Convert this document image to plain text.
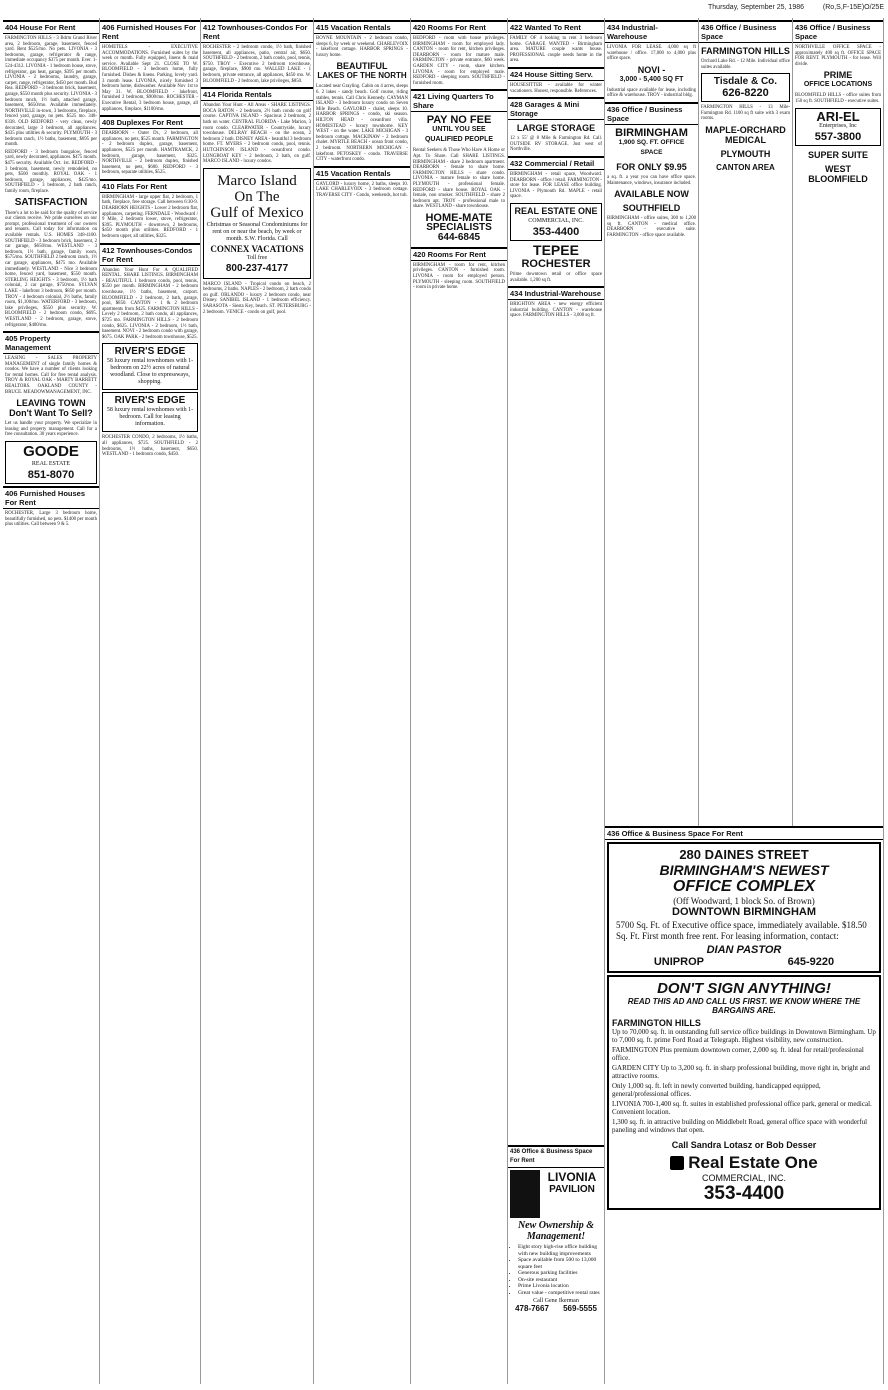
Thursday, September 25, 1986	(Ro,S,F-15E)O/25E
404 House For Rent
FARMINGTON HILLS - 3 Bdrm Grand River area, 2 bedroom, garage, basement, fenced yard. Rent $525/mo. No pets. LIVONIA - 3 bedrooms, garage, refrigerator & range, immediate occupancy $375 per month. Ever. 1-524-4312. LIVONIA - 1 bedroom house, stove, refrigerator, gas heat, garage, $395 per month. LIVONIA - 2 bedrooms, laundry, garage, carpet, range, refrigerator, $450 per month. Bud Rea. REDFORD - 3 bedroom brick, basement, garage, $550 month plus security. LIVONIA - 3 bedroom ranch, 1½ bath, attached garage, basement, $650/mo. Available immediately. NORTHVILLE in-town, 3 bedrooms, fireplace, fenced yard, garage, no pets. $525 mo. 348-8338. OLD REDFORD - very clean, newly decorated, large 3 bedroom, all appliances. $435 plus utilities & security. PLYMOUTH - 3 bedroom ranch, 1½ baths, basement, $695 per month.
REDFORD - 3 bedroom bungalow, fenced yard, newly decorated, appliances. $475 month. $475 security. Available Oct. 1st. REDFORD - 3 bedroom, basement, newly remodeled, no pets, $500 monthly. ROYAL OAK - 1 bedroom, garage, appliances, $425/mo. SOUTHFIELD - 3 bedroom, 2 bath ranch, family room, fireplace.
SATISFACTION
There's a lot to be said for the quality of service our clients receive. We pride ourselves on our prompt, professional treatment of our owners and tenants. Call today for information on available rentals. U.S. HOMES 348-4100. SOUTHFIELD - 3 bedroom brick, basement, 2 car garage, $650/mo. WESTLAND - 3 bedroom, 1½ bath, garage, family room, $575/mo. SOUTHFIELD 2 bedroom ranch, 1½ car garage, appliances, $475 mo. Available immediately. WESTLAND - Nice 3 bedroom home, fenced yard, basement, $550 month. STERLING HEIGHTS - 3 bedroom, 1½ bath colonial, 2 car garage, $750/mo. SYLVAN LAKE - lakefront 3 bedroom, $850 per month. TROY - 4 bedroom colonial, 2½ baths, family room, $1,100/mo. WATERFORD - 3 bedroom, lake privileges, $550 plus security. W. BLOOMFIELD - 2 bedroom condo, $695. WESTLAND - 2 bedroom, garage, stove, refrigerator, $400/mo.
405 Property Management
LEASING - SALES PROPERTY MANAGEMENT of single family homes & condos. We have a number of clients looking for rental homes. Call for free rental analysis. TROY & ROYAL OAK - MARTY BARRETT REALTORS. OAKLAND COUNTY - BRUCE. MEADOWMANAGEMENT, INC.
LEAVING TOWN Don't Want To Sell?
Let us handle your property. We specialize in leasing and property management. Call for a free consultation. 30 years experience.
GOODE

REAL ESTATE

851-8070
406 Furnished Houses For Rent
ROCHESTER, Large 3 bedroom home, beautifully furnished, no pets. $1400 per month plus utilities. Call between 9 & 5.
406 Furnished Houses For Rent
HOMETELS - EXECUTIVE ACCOMMODATIONS. Furnished suites by the week or month. Fully equipped, linens & maid service. Available Sept 21. CLOSE TO W. BLOOMFIELD - 3 bedroom home, fully furnished. Dishes & linens. Parking, lovely yard. 3 month lease. LIVONIA, nicely furnished 3 bedroom home, dishwasher. Available Nov 1st to May 31. W. BLOOMFIELD - lakefront, furnished 2 bedroom, $900/mo. ROCHESTER - Executive Rental, 3 bedroom house, garage, all appliances, fireplace, $1100/mo.
408 Duplexes For Rent
DEARBORN - Outer Dr., 2 bedroom, all appliances, no pets, $525 month. FARMINGTON - 2 bedroom duplex, garage, basement, appliances, $525 per month. HAMTRAMCK, 2 bedroom, garage, basement, $325. NORTHVILLE - 2 bedroom duplex, finished basement, no pets, $600. REDFORD - 3 bedroom, separate utilities, $525.
410 Flats For Rent
BIRMINGHAM - large upper flat, 2 bedroom, 1 bath, fireplace, free storage. Call between 6:30-9. DEARBORN HEIGHTS - Lower 2 bedroom flat, appliances, carpeting. FERNDALE - Woodward / 9 Mile, 2 bedroom lower, stove, refrigerator, $395. PLYMOUTH - downtown, 2 bedrooms, $450 month plus utilities. REDFORD - 1 bedroom upper, all utilities, $325.
412 Townhouses-Condos For Rent
Abandon Your Hunt For A QUALIFIED RENTAL. SHARE LISTINGS. BIRMINGHAM - BEAUTIFUL 1 bedroom condo, pool, tennis, $550 per month. BIRMINGHAM - 2 bedroom townhouse, 1½ baths, basement, carport. BLOOMFIELD - 2 bedroom, 2 bath, garage, pool, $850. CANTON - 1 & 2 bedroom apartments from $425. FARMINGTON HILLS - Lovely 2 bedroom, 2 bath condo, all appliances, $725 mo. FARMINGTON HILLS - 2 bedroom condo, $625. LIVONIA - 2 bedroom, 1½ bath, basement. NOVI - 2 bedroom condo with garage, $675. OAK PARK - 2 bedroom townhouse, $525.
RIVER'S EDGE

58 luxury rental townhomes with 1-bedroom on 22½ acres of natural woodland. Close to expressways, shopping.

RIVER'S EDGE

58 luxury rental townhomes with 1-bedroom. Call for leasing information.

ROCHESTER CONDO, 2 bedrooms, 1½ baths, all appliances, $725. SOUTHFIELD - 2 bedrooms, 1½ baths, basement, $650. WESTLAND - 1 bedroom condo, $450.
412 Townhouses-Condos For Rent
ROCHESTER - 2 bedroom condo, 1½ bath, finished basement, all appliances, patio, central air, $650. SOUTHFIELD - 2 bedroom, 2 bath condo, pool, tennis, $750. TROY - Executive 2 bedroom townhouse, garage, fireplace, $900 mo. WALLED LAKE - 1 bedroom, private entrance, all appliances, $450 mo. W. BLOOMFIELD - 2 bedroom, lake privileges, $850.
414 Florida Rentals
Abandon Your Hunt - All Areas - SHARE LISTINGS. BOCA RATON - 2 bedroom, 2½ bath condo on golf course. CAPTIVA ISLAND - Spacious 2 bedroom, 2 bath on water. CENTRAL FLORIDA - Lake Marion, 3 room condo. CLEARWATER - Countryside, luxury townhouse. DELRAY BEACH - on the ocean, 2 bedroom 2 bath. DISNEY AREA - beautiful 3 bedroom home. FT. MYERS - 2 bedroom condo, pool, tennis. HUTCHINSON ISLAND - oceanfront condo. LONGBOAT KEY - 2 bedroom, 2 bath, on gulf. MARCO ISLAND - luxury condos.
Marco Island
On The
Gulf of Mexico

Christmas or Seasonal Condominiums for rent on or near the beach, by week or month. S.W. Florida. Call

CONNEX VACATIONS

Toll free

800-237-4177
MARCO ISLAND - Tropical condo on beach, 2 bedrooms, 2 baths. NAPLES - 2 bedroom, 2 bath condo on gulf. ORLANDO - luxury 2 bedroom condo, near Disney. SANIBEL ISLAND - 1 bedroom efficiency. SARASOTA - Siesta Key, beach. ST. PETERSBURG - 2 bedroom. VENICE - condo on gulf, pool.
415 Vacation Rentals
BOYNE MOUNTAIN - 2 bedroom condo, sleeps 6, by week or weekend. CHARLEVOIX - lakefront cottage. HARBOR SPRINGS - luxury home.
BEAUTIFUL
LAKES OF THE NORTH
Located near Grayling. Cabin on 4 acres, sleeps 6. 2 lakes - sandy beach. Golf course, riding stables, tennis. Call Chris Kennedy. CAYMAN ISLAND - 3 bedroom luxury condo on Seven Mile Beach. GAYLORD - chalet, sleeps 10. HARBOR SPRINGS - condo, ski season. HILTON HEAD - oceanfront villa. HOMESTEAD - luxury townhome. KEY WEST - on the water. LAKE MICHIGAN - 3 bedroom cottage. MACKINAW - 2 bedroom chalet. MYRTLE BEACH - ocean front condo, 2 bedroom. NORTHERN MICHIGAN - lakefront. PETOSKEY - condo. TRAVERSE CITY - waterfront condo.
415 Vacation Rentals
GAYLORD - luxury home, 2 baths, sleeps 10. LAKE CHARLEVOIX - 3 bedroom cottage. TRAVERSE CITY - Condo, weekends, hot tub.
420 Rooms For Rent
BEDFORD - room with house privileges. BIRMINGHAM - room for employed lady. CANTON - room for rent, kitchen privileges. DEARBORN - room for mature male. FARMINGTON - private entrance, $60 week. GARDEN CITY - room, share kitchen. LIVONIA - room for employed male. REDFORD - sleeping room. SOUTHFIELD - furnished room.
421 Living Quarters To Share
PAY NO FEE
UNTIL YOU SEE QUALIFIED PEOPLE
Rental Seekers & Those Who Have A Home or Apt. To Share. Call SHARE LISTINGS. BIRMINGHAM - share 2 bedroom apartment. DEARBORN - female to share home. FARMINGTON HILLS - share condo. LIVONIA - mature female to share home. PLYMOUTH - professional female. REDFORD - share house. ROYAL OAK - female, non smoker. SOUTHFIELD - share 2 bedroom apt. TROY - professional male to share. WESTLAND - share townhouse.
HOME-MATE
SPECIALISTS
644-6845
420 Rooms For Rent
BIRMINGHAM - room for rent, kitchen privileges. CANTON - furnished room. LIVONIA - room for employed person. PLYMOUTH - sleeping room. SOUTHFIELD - room in private home.
422 Wanted To Rent
FAMILY OF 4 looking to rent 3 bedroom home. GARAGE WANTED - Birmingham area. MATURE couple wants house. PROFESSIONAL couple needs home in the area.
424 House Sitting Serv.
HOUSESITTER - available for winter vacationers. Honest, responsible. References.
428 Garages & Mini Storage
LARGE STORAGE
12 x 55' @ 8 Mile & Farmington Rd. Call. OUTSIDE RV STORAGE. Just west of Northville.
432 Commercial / Retail
BIRMINGHAM - retail space, Woodward. DEARBORN - office / retail. FARMINGTON - store for lease. FOR LEASE office building. LIVONIA - Plymouth Rd. MAPLE - retail space.
REAL ESTATE ONE

COMMERCIAL, INC.

353-4400
TEPEE
ROCHESTER
Prime downtown retail or office space available. 1,200 sq ft.
434 Industrial-Warehouse
BRIGHTON AREA - new energy efficient industrial building. CANTON - warehouse space. FARMINGTON HILLS - 3,000 sq ft.
434 Industrial-Warehouse
LIVONIA FOR LEASE. 4,000 sq ft warehouse / office. 17,000 to 4,000 plus office space.
NOVI -
3,000 - 5,400 SQ FT
Industrial space available for lease, including office & warehouse. TROY - industrial bldg.
436 Office / Business Space
BIRMINGHAM
1,900 SQ. FT. OFFICE SPACE
FOR ONLY $9.95
a sq. ft. a year you can have office space. Maintenance, windows, insurance included.
AVAILABLE NOW
SOUTHFIELD
BIRMINGHAM - office suites, 300 to 1,200 sq ft. CANTON - medical office. DEARBORN - executive suite. FARMINGTON - office space available.
436 Office / Business Space
FARMINGTON HILLS
Orchard Lake Rd. - 12 Mile. Individual office suites available.
Tisdale & Co.
626-8220
FARMINGTON HILLS - 13 Mile-Farmington Rd. 1100 sq ft suite with 3 exam rooms.
MAPLE-ORCHARD
MEDICAL
PLYMOUTH
CANTON AREA
436 Office / Business Space
NORTHVILLE OFFICE SPACE - approximately 400 sq ft. OFFICE SPACE FOR RENT. PLYMOUTH - for lease. Will divide.
PRIME
OFFICE LOCATIONS
BLOOMFIELD HILLS - office suites from 150 sq ft. SOUTHFIELD - executive suites.
ARI-EL

Enterprises, Inc

557-3800
SUPER SUITE
WEST BLOOMFIELD
436 Office & Business Space For Rent
280 DAINES STREET
BIRMINGHAM'S NEWEST
OFFICE COMPLEX
(Off Woodward, 1 block So. of Brown)
DOWNTOWN BIRMINGHAM
5700 Sq. Ft. of Executive office space, immediately available. $18.50 Sq. Ft. First month free rent. For leasing information, contact:
DIAN PASTOR
UNIPROP	645-9220
DON'T SIGN ANYTHING!
READ THIS AD AND CALL US FIRST. WE KNOW WHERE THE BARGAINS ARE.
FARMINGTON HILLS
Up to 70,000 sq. ft. in outstanding full service office buildings in Downtown Birmingham. Up to 7,000 sq. ft. prime Ford Road at Telegraph. Highest visibility, new construction.
FARMINGTON Plus premium downtown corner, 2,000 sq. ft. ideal for retail/professional office.
GARDEN CITY Up to 3,200 sq. ft. in sharp professional building, move right in, bright and attractive rooms.
Only 1,000 sq. ft. left in newly converted building. handicapped equipped, general/professional offices.
LIVONIA 700-1,400 sq. ft. suites in established professional office park, general or medical. Convenient location.
1,300 sq. ft. in attractive building on Middlebelt Road, general office space with wonderful paneling and windows that open.
Call Sandra Lotasz or Bob Desser
Real Estate One
COMMERCIAL, INC.
353-4400
436 Office & Business Space For Rent
LIVONIA
PAVILION
New Ownership & Management!
• Eight story high-rise office building with new building improvements
• Space available from 500 to 13,000 square feet
• Generous parking facilities
• On-site restaurant
• Prime Livonia location
• Great value - competitive rental rates
Call Gene Ikerman
478-7667 569-5555
